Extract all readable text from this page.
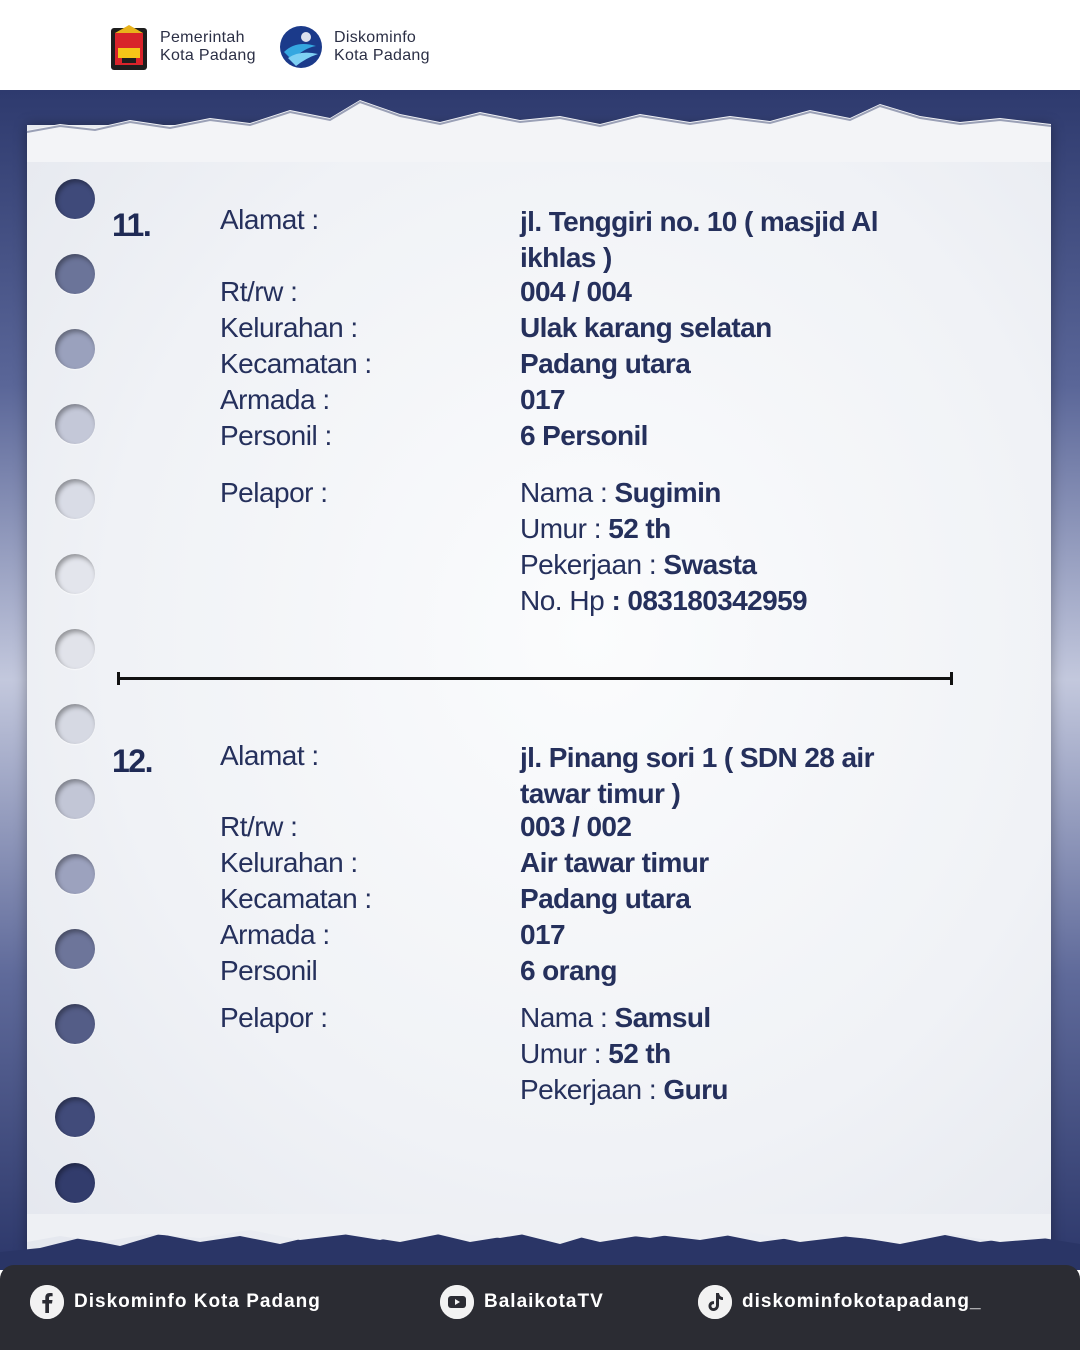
Pemerintah
Kota Padang
Diskominfo
Kota Padang
11. Alamat :	jl. Tenggiri no. 10 ( masjid Al ikhlas )
Rt/rw :	004 / 004
Kelurahan :	Ulak karang selatan
Kecamatan :	Padang utara
Armada :	017
Personil :	6 Personil
Pelapor :	Nama : Sugimin
Umur : 52 th
Pekerjaan : Swasta
No. Hp : 083180342959
12. Alamat :	jl. Pinang sori 1 ( SDN 28 air tawar timur )
Rt/rw :	003 / 002
Kelurahan :	Air tawar timur
Kecamatan :	Padang utara
Armada :	017
Personil	6 orang
Pelapor :	Nama : Samsul
Umur : 52 th
Pekerjaan : Guru
Diskominfo Kota Padang	BalaikotaTV	diskominfokotapadang_
